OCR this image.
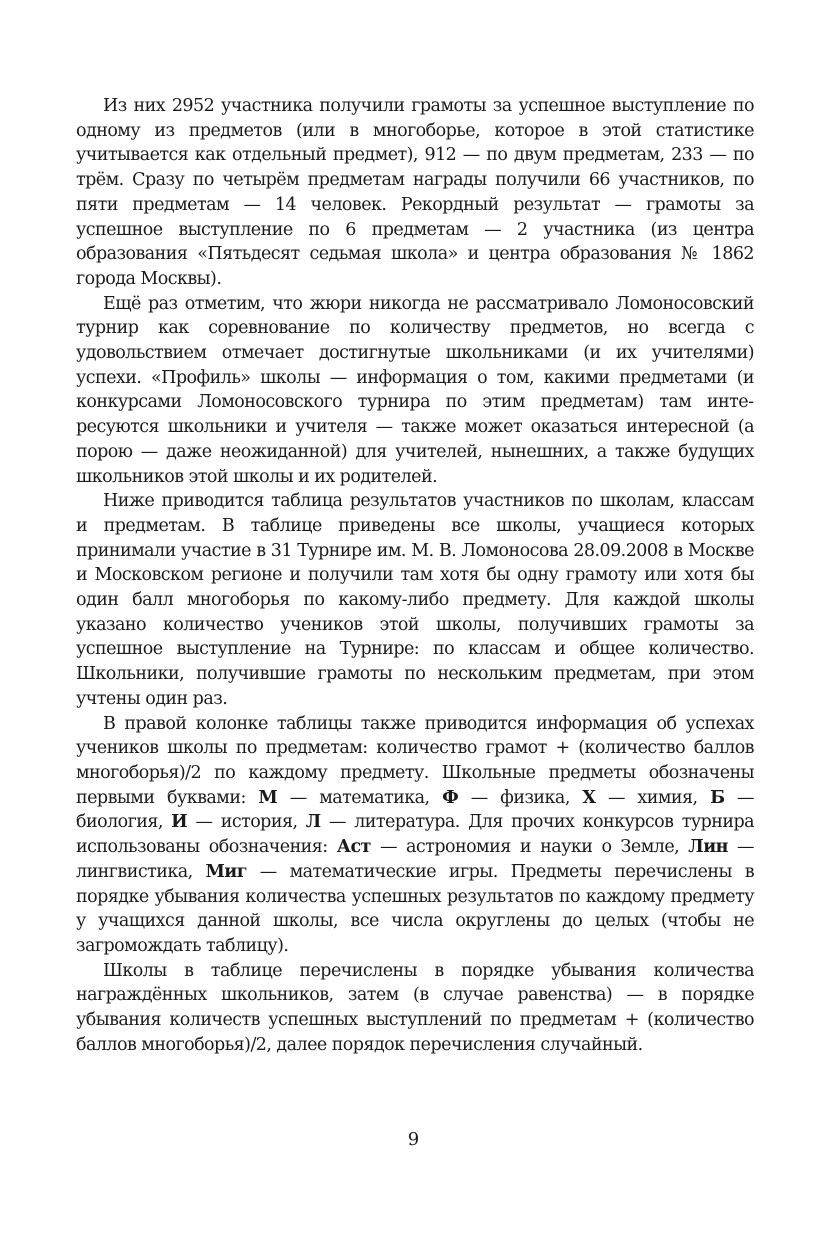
Из них 2952 участника получили грамоты за успешное выступление по одному из предметов (или в многоборье, которое в этой статистике учитывается как отдельный предмет), 912 — по двум предметам, 233 — по трём. Сразу по четырём предметам награды получили 66 участников, по пяти предметам — 14 человек. Рекордный результат — грамоты за успешное выступление по 6 предметам — 2 участника (из центра образования «Пятьдесят седьмая школа» и центра образования № 1862 города Москвы).

Ещё раз отметим, что жюри никогда не рассматривало Ломоносовский турнир как соревнование по количеству предметов, но всегда с удовольствием отмечает достигнутые школьниками (и их учителями) успехи. «Профиль» школы — информация о том, какими предметами (и конкурсами Ломоносовского турнира по этим предметам) там интересуются школьники и учителя — также может оказаться интересной (а порою — даже неожиданной) для учителей, нынешних, а также будущих школьников этой школы и их родителей.

Ниже приводится таблица результатов участников по школам, классам и предметам. В таблице приведены все школы, учащиеся которых принимали участие в 31 Турнире им. М. В. Ломоносова 28.09.2008 в Москве и Московском регионе и получили там хотя бы одну грамоту или хотя бы один балл многоборья по какому-либо предмету. Для каждой школы указано количество учеников этой школы, получивших грамоты за успешное выступление на Турнире: по классам и общее количество. Школьники, получившие грамоты по нескольким предметам, при этом учтены один раз.

В правой колонке таблицы также приводится информация об успехах учеников школы по предметам: количество грамот + (количество баллов многоборья)/2 по каждому предмету. Школьные предметы обозначены первыми буквами: М — математика, Ф — физика, Х — химия, Б — биология, И — история, Л — литература. Для прочих конкурсов турнира использованы обозначения: Аст — астрономия и науки о Земле, Лин — лингвистика, Миг — математические игры. Предметы перечислены в порядке убывания количества успешных результатов по каждому предмету у учащихся данной школы, все числа округлены до целых (чтобы не загромождать таблицу).

Школы в таблице перечислены в порядке убывания количества награждённых школьников, затем (в случае равенства) — в порядке убывания количеств успешных выступлений по предметам + (количество баллов многоборья)/2, далее порядок перечисления случайный.

9
